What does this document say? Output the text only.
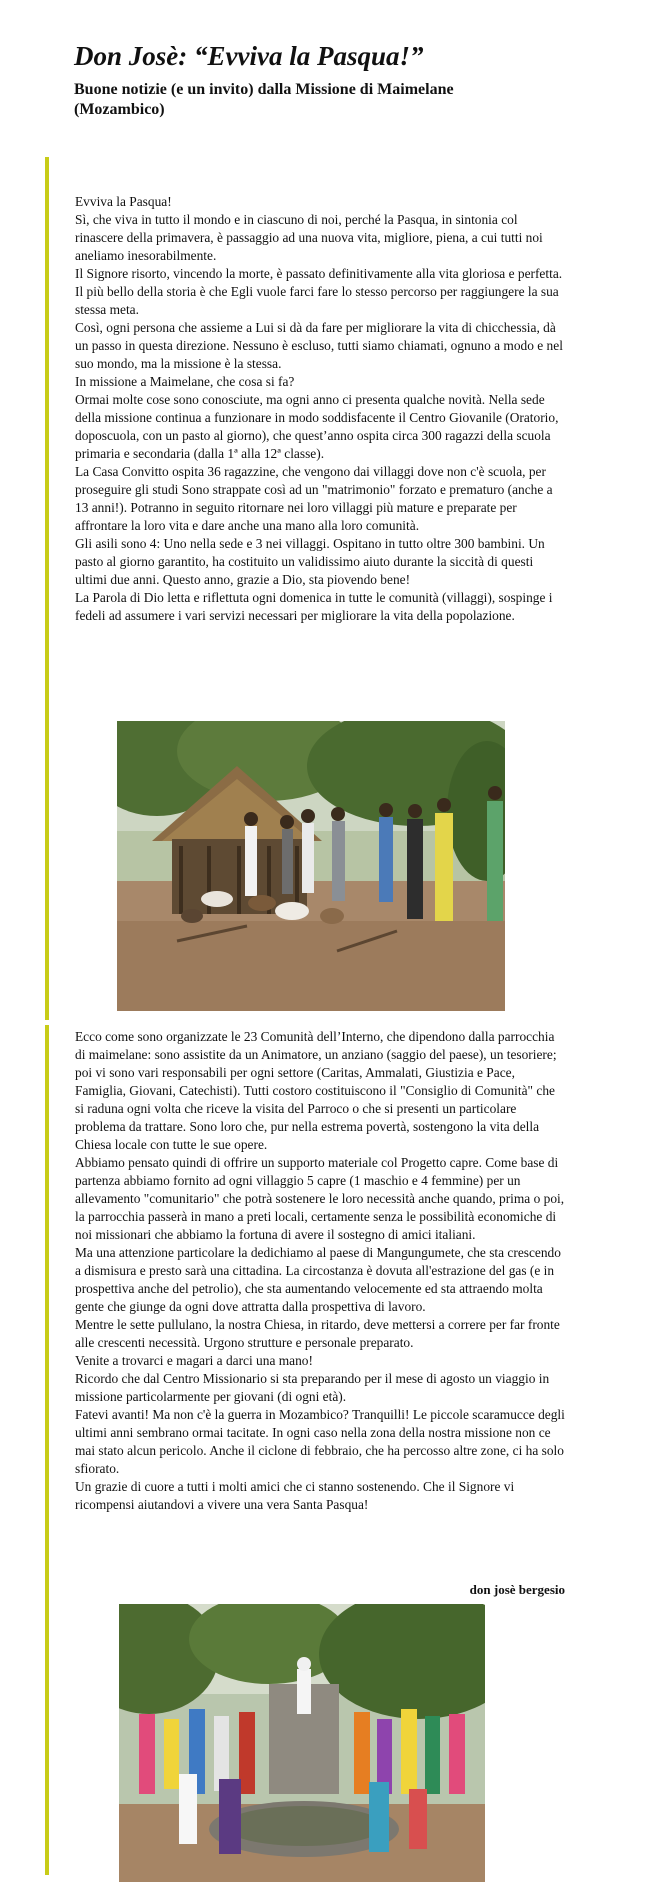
Don Josè: “Evviva la Pasqua!”
Buone notizie (e un invito) dalla Missione di Maimelane (Mozambico)

Evviva la Pasqua!

Sì, che viva in tutto il mondo e in ciascuno di noi, perché la Pasqua, in sintonia col rinascere della primavera, è passaggio ad una nuova vita, migliore, piena, a cui tutti noi aneliamo inesorabilmente.

Il Signore risorto, vincendo la morte, è passato definitivamente alla vita gloriosa e perfetta. Il più bello della storia è che Egli vuole farci fare lo stesso percorso per raggiungere la sua stessa meta.

Così, ogni persona che assieme a Lui si dà da fare per migliorare la vita di chicchessia, dà un passo in questa direzione. Nessuno è escluso, tutti siamo chiamati, ognuno a modo e nel suo mondo, ma la missione è la stessa.

In missione a Maimelane, che cosa si fa?

Ormai molte cose sono conosciute, ma ogni anno ci presenta qualche novità. Nella sede della missione continua a funzionare in modo soddisfacente il Centro Giovanile (Oratorio, doposcuola, con un pasto al giorno), che quest’anno ospita circa 300 ragazzi della scuola primaria e secondaria (dalla 1ª alla 12ª classe).

La Casa Convitto ospita 36 ragazzine, che vengono dai villaggi dove non c'è scuola, per proseguire gli studi Sono strappate così ad un "matrimonio" forzato e prematuro (anche a 13 anni!). Potranno in seguito ritornare nei loro villaggi più mature e preparate per affrontare la loro vita e dare anche una mano alla loro comunità.

Gli asili sono 4: Uno nella sede e 3 nei villaggi. Ospitano in tutto oltre 300 bambini. Un pasto al giorno garantito, ha costituito un validissimo aiuto durante la siccità di questi ultimi due anni. Questo anno, grazie a Dio, sta piovendo bene!

La Parola di Dio letta e riflettuta ogni domenica in tutte le comunità (villaggi), sospinge i fedeli ad assumere i vari servizi necessari per migliorare la vita della popolazione.

Ecco come sono organizzate le 23 Comunità dell’Interno, che dipendono dalla parrocchia di maimelane: sono assistite da un Animatore, un anziano (saggio del paese), un tesoriere; poi vi sono vari responsabili per ogni settore (Caritas, Ammalati, Giustizia e Pace, Famiglia, Giovani, Catechisti). Tutti costoro costituiscono il "Consiglio di Comunità" che si raduna ogni volta che riceve la visita del Parroco o che si presenti un particolare problema da trattare. Sono loro che, pur nella estrema povertà, sostengono la vita della Chiesa locale con tutte le sue opere.

Abbiamo pensato quindi di offrire un supporto materiale col Progetto capre. Come base di partenza abbiamo fornito ad ogni villaggio 5 capre (1 maschio e 4 femmine) per un allevamento "comunitario" che potrà sostenere le loro necessità anche quando, prima o poi, la parrocchia passerà in mano a preti locali, certamente senza le possibilità economiche di noi missionari che abbiamo la fortuna di avere il sostegno di amici italiani.

Ma una attenzione particolare la dedichiamo al paese di Mangungumete, che sta crescendo a dismisura e presto sarà una cittadina. La circostanza è dovuta all'estrazione del gas (e in prospettiva anche del petrolio), che sta aumentando velocemente ed sta attraendo molta gente che giunge da ogni dove attratta dalla prospettiva di lavoro.

Mentre le sette pullulano, la nostra Chiesa, in ritardo, deve mettersi a correre per far fronte alle crescenti necessità. Urgono strutture e personale preparato.

Venite a trovarci e magari a darci una mano!

Ricordo che dal Centro Missionario si sta preparando per il mese di agosto un viaggio in missione particolarmente per giovani (di ogni età).

Fatevi avanti! Ma non c'è la guerra in Mozambico? Tranquilli! Le piccole scaramucce degli ultimi anni sembrano ormai tacitate. In ogni caso nella zona della nostra missione non ce mai stato alcun pericolo. Anche il ciclone di febbraio, che ha percosso altre zone, ci ha solo sfiorato.

Un grazie di cuore a tutti i molti amici che ci stanno sostenendo. Che il Signore vi ricompensi aiutandovi a vivere una vera Santa Pasqua!

don josè bergesio
